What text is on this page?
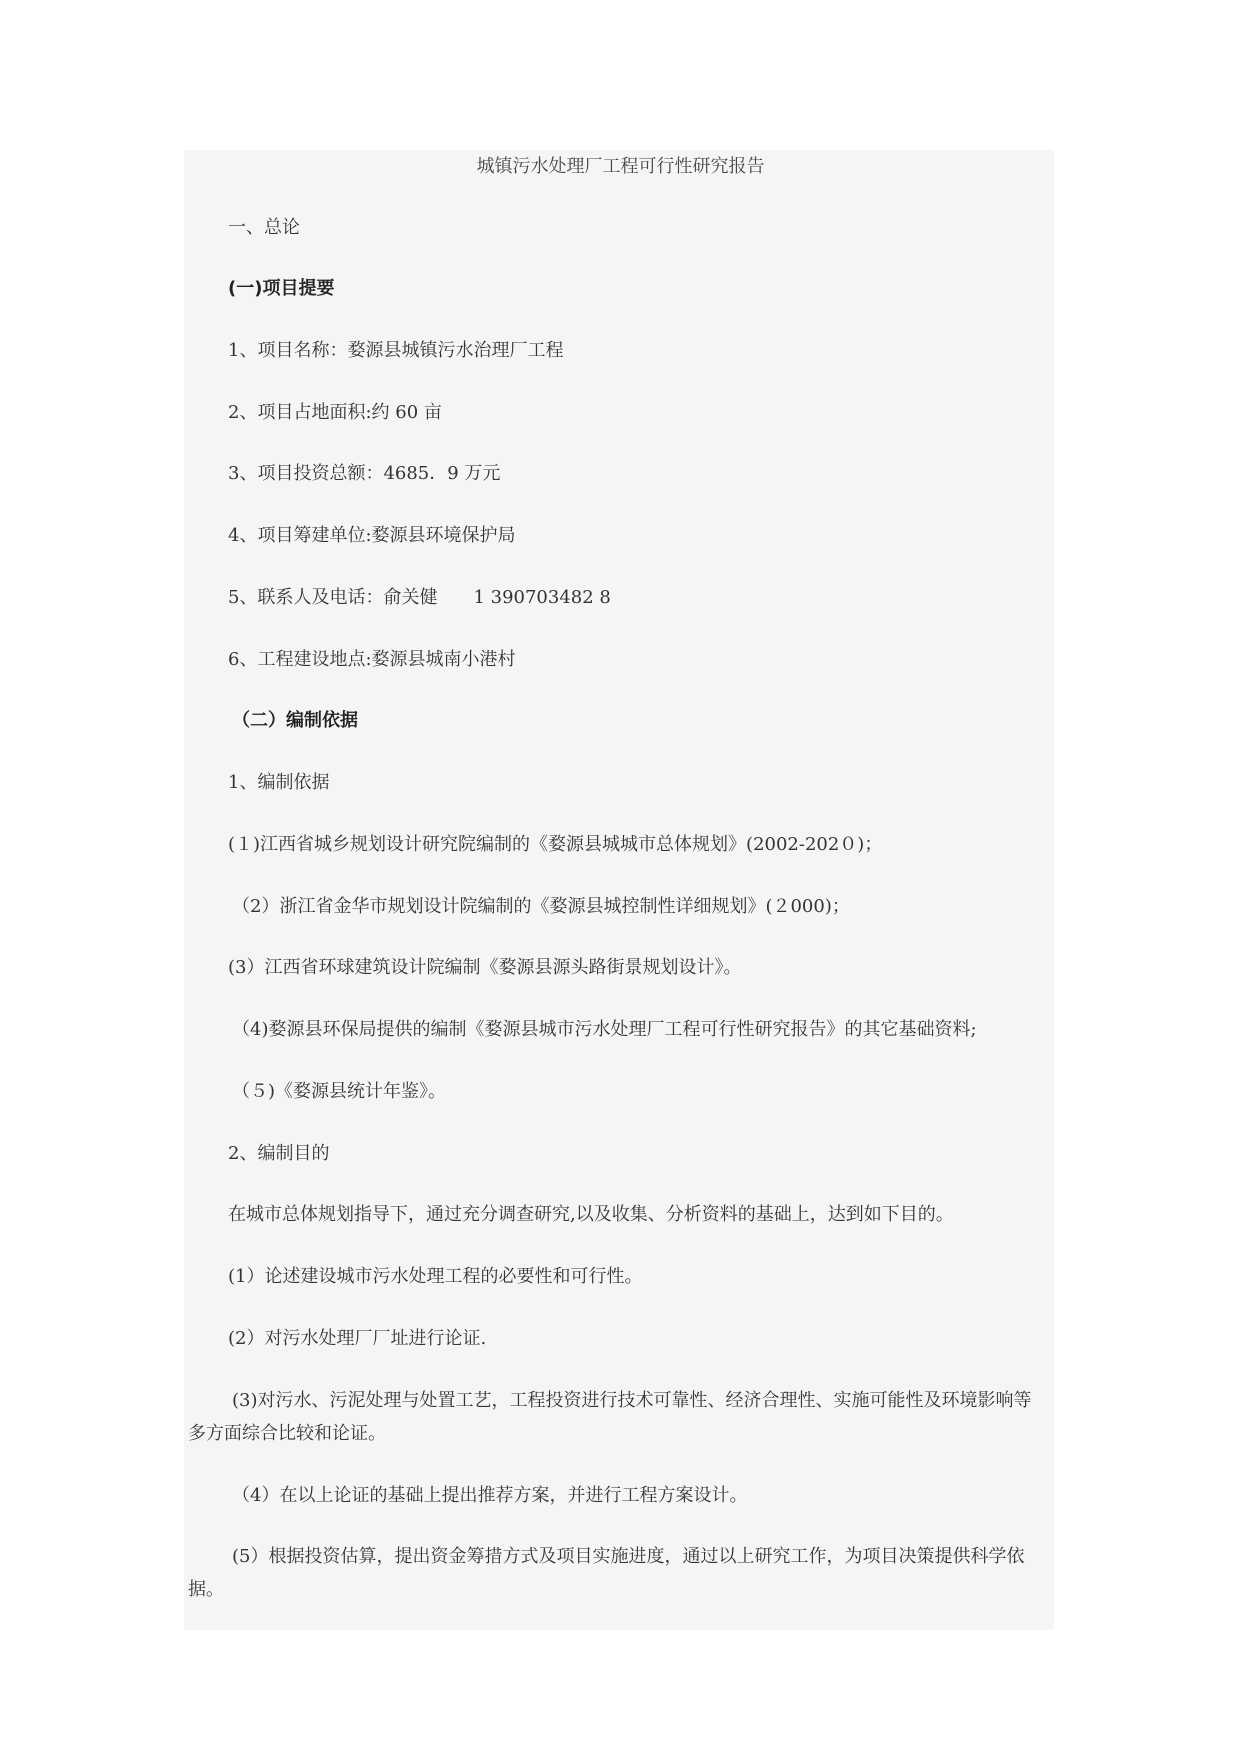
城镇污水处理厂工程可行性研究报告
一、总论
(一)项目提要
1、项目名称：婺源县城镇污水治理厂工程
2、项目占地面积:约 60 亩
3、项目投资总额：4685．9 万元
4、项目筹建单位:婺源县环境保护局
5、联系人及电话：俞关健　　1 390703482 8
6、工程建设地点:婺源县城南小港村
（二）编制依据
1、编制依据
(１)江西省城乡规划设计研究院编制的《婺源县城城市总体规划》(2002-202０)；
（2）浙江省金华市规划设计院编制的《婺源县城控制性详细规划》(２000)；
(3）江西省环球建筑设计院编制《婺源县源头路街景规划设计》。
（4)婺源县环保局提供的编制《婺源县城市污水处理厂工程可行性研究报告》的其它基础资料;
（５)《婺源县统计年鉴》。
2、编制目的
在城市总体规划指导下，通过充分调查研究,以及收集、分析资料的基础上，达到如下目的。
(1）论述建设城市污水处理工程的必要性和可行性。
(2）对污水处理厂厂址进行论证.
(3)对污水、污泥处理与处置工艺，工程投资进行技术可靠性、经济合理性、实施可能性及环境影响等多方面综合比较和论证。
（4）在以上论证的基础上提出推荐方案，并进行工程方案设计。
(5）根据投资估算，提出资金筹措方式及项目实施进度，通过以上研究工作，为项目决策提供科学依据。
